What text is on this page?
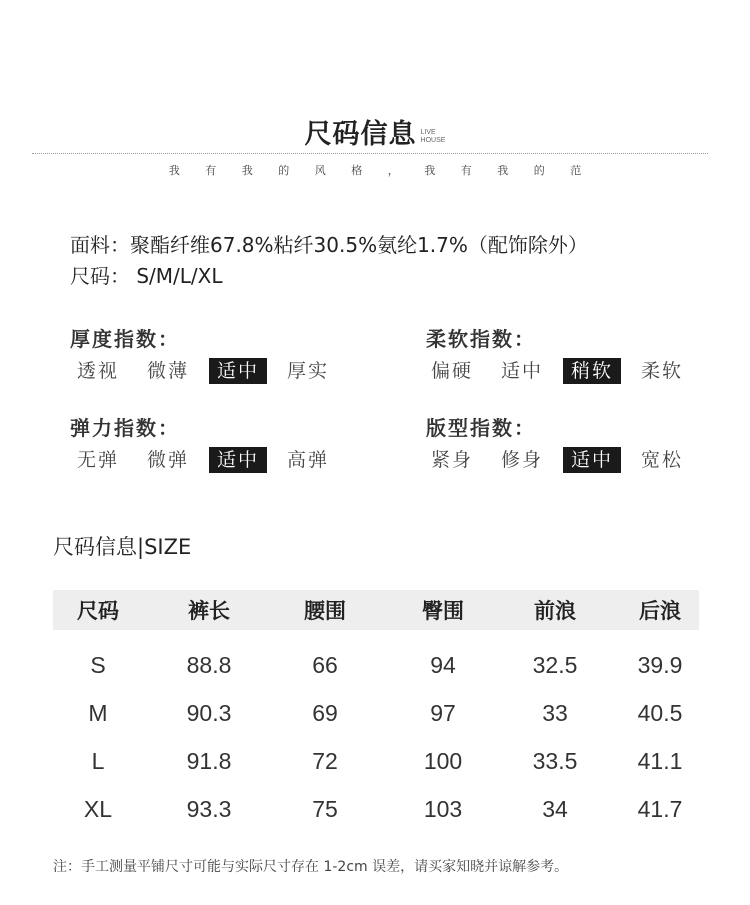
尺码信息 LIVE
HOUSE
我 有 我 的 风 格 ， 我 有 我 的 范
面料：聚酯纤维67.8%粘纤30.5%氨纶1.7%（配饰除外）
尺码： S/M/L/XL
厚度指数：
透视	微薄	适中	厚实
柔软指数：
偏硬	适中	稍软	柔软
弹力指数：
无弹	微弹	适中	高弹
版型指数：
紧身	修身	适中	宽松
尺码信息|SIZE
尺码	裤长	腰围	臀围	前浪	后浪
S	88.8	66	94	32.5	39.9
M	90.3	69	97	33	40.5
L	91.8	72	100	33.5	41.1
XL	93.3	75	103	34	41.7
注：手工测量平铺尺寸可能与实际尺寸存在 1-2cm 误差，请买家知晓并谅解参考。
